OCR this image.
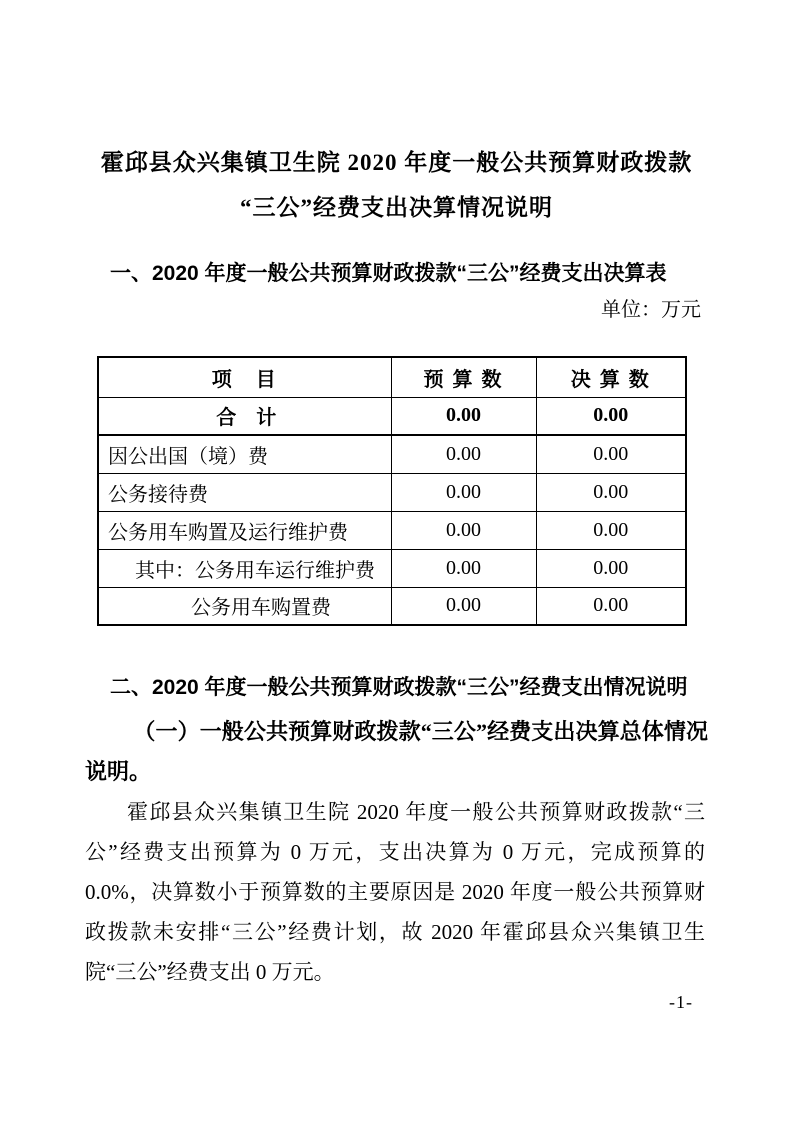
霍邱县众兴集镇卫生院 2020 年度一般公共预算财政拨款
“三公”经费支出决算情况说明
一、2020 年度一般公共预算财政拨款“三公”经费支出决算表
单位：万元
项　目	预 算 数	决 算 数
合　计	0.00	0.00
因公出国（境）费	0.00	0.00
公务接待费	0.00	0.00
公务用车购置及运行维护费	0.00	0.00
其中：公务用车运行维护费	0.00	0.00
公务用车购置费	0.00	0.00
二、2020 年度一般公共预算财政拨款“三公”经费支出情况说明
（一）一般公共预算财政拨款“三公”经费支出决算总体情况说明。
霍邱县众兴集镇卫生院 2020 年度一般公共预算财政拨款“三公”经费支出预算为 0 万元，支出决算为 0 万元，完成预算的 0.0%，决算数小于预算数的主要原因是 2020 年度一般公共预算财政拨款未安排“三公”经费计划，故 2020 年霍邱县众兴集镇卫生院“三公”经费支出 0 万元。
-1-
